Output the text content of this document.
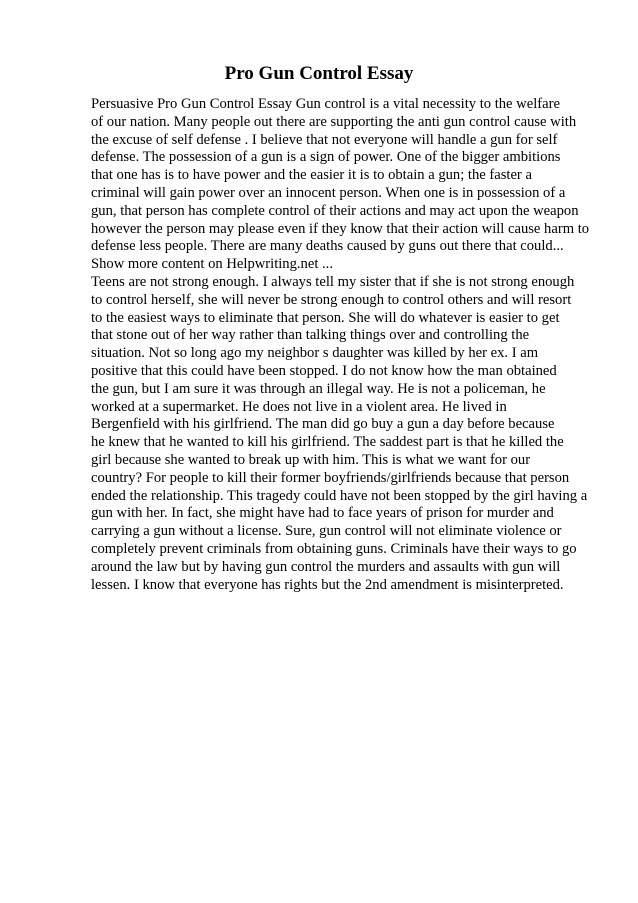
Pro Gun Control Essay
Persuasive Pro Gun Control Essay Gun control is a vital necessity to the welfare
of our nation. Many people out there are supporting the anti gun control cause with
the excuse of self defense . I believe that not everyone will handle a gun for self
defense. The possession of a gun is a sign of power. One of the bigger ambitions
that one has is to have power and the easier it is to obtain a gun; the faster a
criminal will gain power over an innocent person. When one is in possession of a
gun, that person has complete control of their actions and may act upon the weapon
however the person may please even if they know that their action will cause harm to
defense less people. There are many deaths caused by guns out there that could...
Show more content on Helpwriting.net ...
Teens are not strong enough. I always tell my sister that if she is not strong enough
to control herself, she will never be strong enough to control others and will resort
to the easiest ways to eliminate that person. She will do whatever is easier to get
that stone out of her way rather than talking things over and controlling the
situation. Not so long ago my neighbor s daughter was killed by her ex. I am
positive that this could have been stopped. I do not know how the man obtained
the gun, but I am sure it was through an illegal way. He is not a policeman, he
worked at a supermarket. He does not live in a violent area. He lived in
Bergenfield with his girlfriend. The man did go buy a gun a day before because
he knew that he wanted to kill his girlfriend. The saddest part is that he killed the
girl because she wanted to break up with him. This is what we want for our
country? For people to kill their former boyfriends/girlfriends because that person
ended the relationship. This tragedy could have not been stopped by the girl having a
gun with her. In fact, she might have had to face years of prison for murder and
carrying a gun without a license. Sure, gun control will not eliminate violence or
completely prevent criminals from obtaining guns. Criminals have their ways to go
around the law but by having gun control the murders and assaults with gun will
lessen. I know that everyone has rights but the 2nd amendment is misinterpreted.
